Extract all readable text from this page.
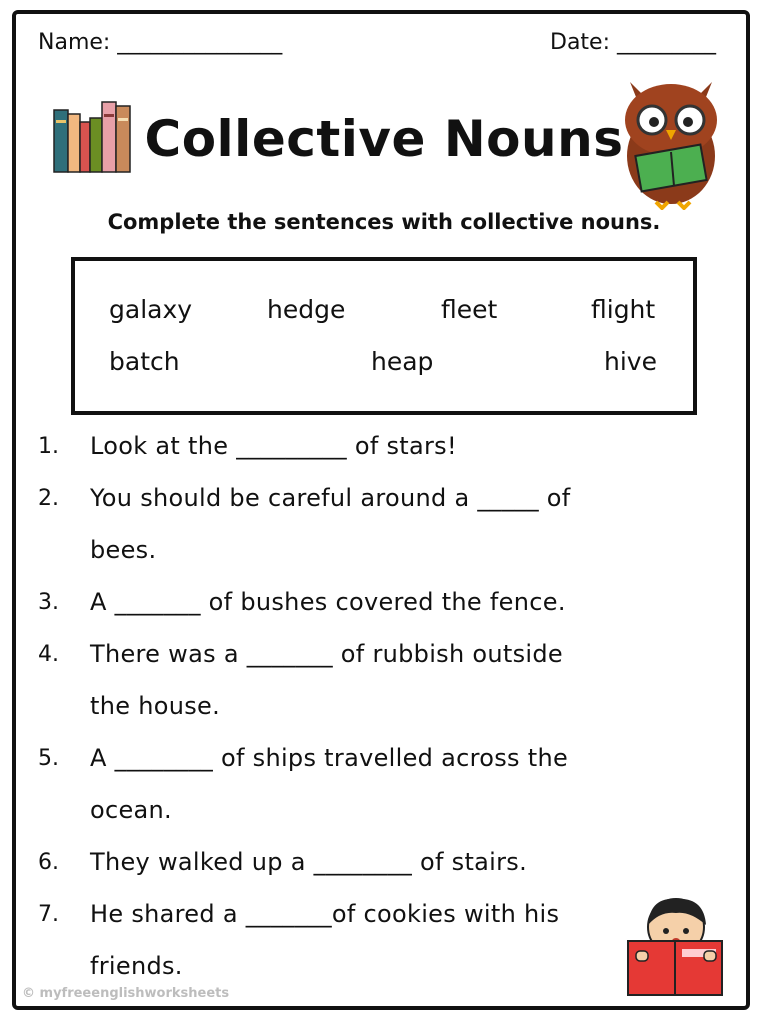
Name: _______________	Date: _________
Collective Nouns
Complete the sentences with collective nouns.
galaxy	hedge	fleet	flight
batch	heap	hive
1. Look at the _________ of stars!
2. You should be careful around a _____ of
bees.
3. A _______ of bushes covered the fence.
4. There was a _______ of rubbish outside
the house.
5. A ________ of ships travelled across the
ocean.
6. They walked up a ________ of stairs.
7. He shared a _______of cookies with his
friends.
© myfreeenglishworksheets
